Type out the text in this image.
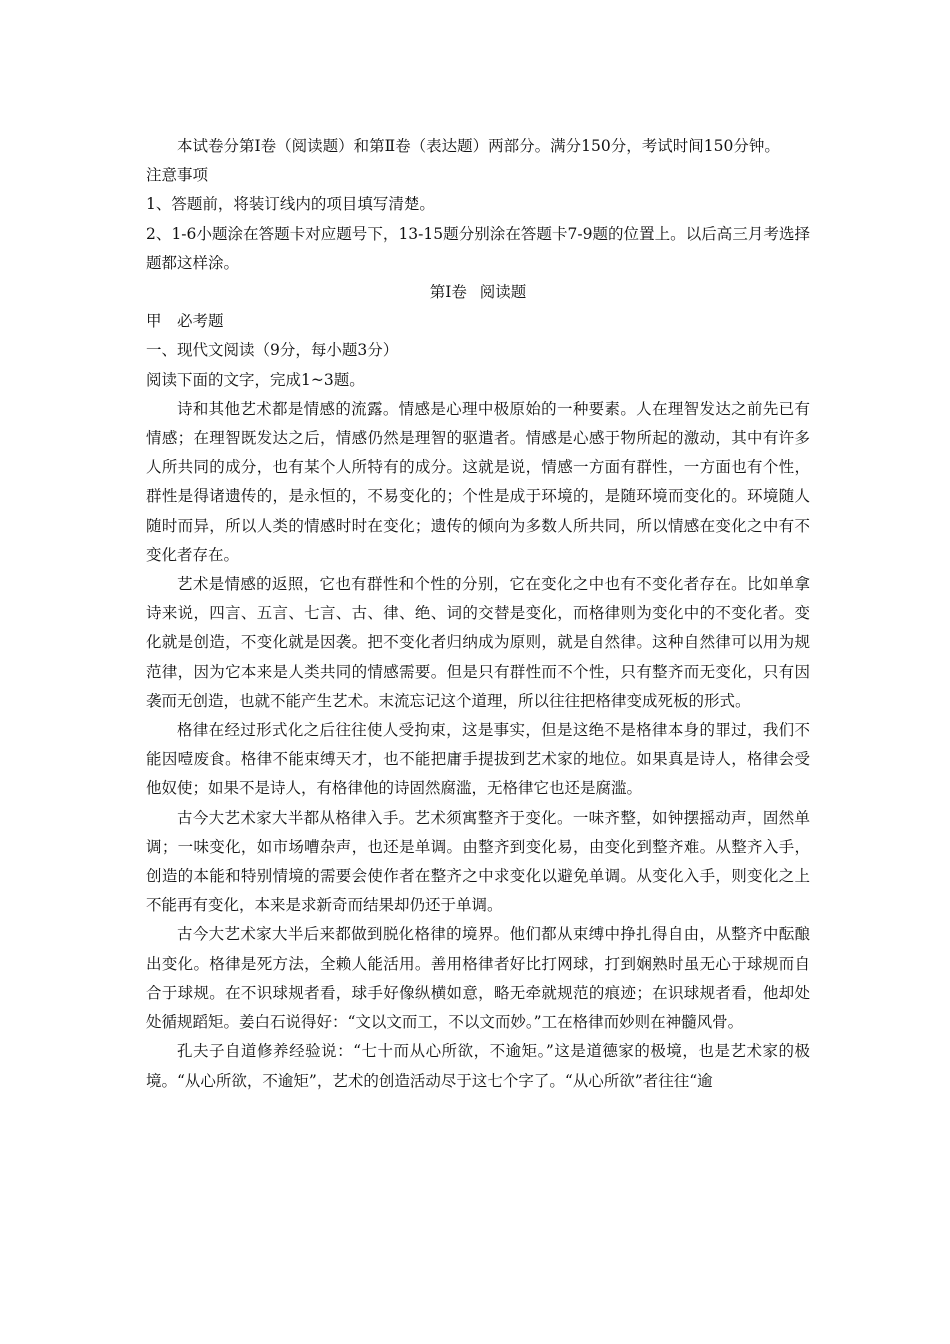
本试卷分第Ⅰ卷（阅读题）和第Ⅱ卷（表达题）两部分。满分150分，考试时间150分钟。

注意事项

1、答题前，将装订线内的项目填写清楚。

2、1-6小题涂在答题卡对应题号下，13-15题分别涂在答题卡7-9题的位置上。以后高三月考选择题都这样涂。

第Ⅰ卷 阅读题

甲　必考题

一、现代文阅读（9分，每小题3分）

阅读下面的文字，完成1~3题。

诗和其他艺术都是情感的流露。情感是心理中极原始的一种要素。人在理智发达之前先已有情感；在理智既发达之后，情感仍然是理智的驱遣者。情感是心感于物所起的激动，其中有许多人所共同的成分，也有某个人所特有的成分。这就是说，情感一方面有群性，一方面也有个性，群性是得诸遗传的，是永恒的，不易变化的；个性是成于环境的，是随环境而变化的。环境随人随时而异，所以人类的情感时时在变化；遗传的倾向为多数人所共同，所以情感在变化之中有不变化者存在。

艺术是情感的返照，它也有群性和个性的分别，它在变化之中也有不变化者存在。比如单拿诗来说，四言、五言、七言、古、律、绝、词的交替是变化，而格律则为变化中的不变化者。变化就是创造，不变化就是因袭。把不变化者归纳成为原则，就是自然律。这种自然律可以用为规范律，因为它本来是人类共同的情感需要。但是只有群性而不个性，只有整齐而无变化，只有因袭而无创造，也就不能产生艺术。末流忘记这个道理，所以往往把格律变成死板的形式。

格律在经过形式化之后往往使人受拘束，这是事实，但是这绝不是格律本身的罪过，我们不能因噎废食。格律不能束缚天才，也不能把庸手提拔到艺术家的地位。如果真是诗人，格律会受他奴使；如果不是诗人，有格律他的诗固然腐滥，无格律它也还是腐滥。

古今大艺术家大半都从格律入手。艺术须寓整齐于变化。一味齐整，如钟摆摇动声，固然单调；一味变化，如市场嘈杂声，也还是单调。由整齐到变化易，由变化到整齐难。从整齐入手，创造的本能和特别情境的需要会使作者在整齐之中求变化以避免单调。从变化入手，则变化之上不能再有变化，本来是求新奇而结果却仍还于单调。

古今大艺术家大半后来都做到脱化格律的境界。他们都从束缚中挣扎得自由，从整齐中酝酿出变化。格律是死方法，全赖人能活用。善用格律者好比打网球，打到娴熟时虽无心于球规而自合于球规。在不识球规者看，球手好像纵横如意，略无牵就规范的痕迹；在识球规者看，他却处处循规蹈矩。姜白石说得好：“文以文而工，不以文而妙。”工在格律而妙则在神髓风骨。

孔夫子自道修养经验说：“七十而从心所欲，不逾矩。”这是道德家的极境，也是艺术家的极境。“从心所欲，不逾矩”，艺术的创造活动尽于这七个字了。“从心所欲”者往往“逾
